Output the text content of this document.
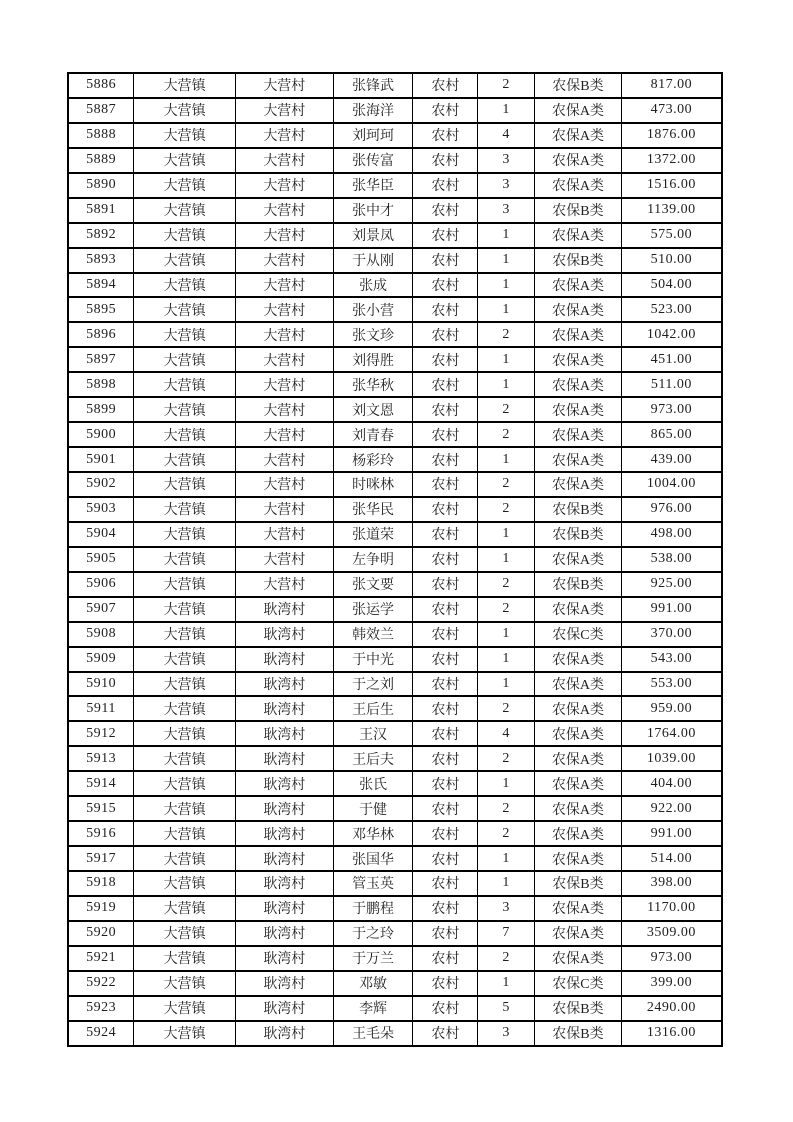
5886	大营镇	大营村	张锋武	农村	2	农保B类	817.00
5887	大营镇	大营村	张海洋	农村	1	农保A类	473.00
5888	大营镇	大营村	刘珂珂	农村	4	农保A类	1876.00
5889	大营镇	大营村	张传富	农村	3	农保A类	1372.00
5890	大营镇	大营村	张华臣	农村	3	农保A类	1516.00
5891	大营镇	大营村	张中才	农村	3	农保B类	1139.00
5892	大营镇	大营村	刘景凤	农村	1	农保A类	575.00
5893	大营镇	大营村	于从刚	农村	1	农保B类	510.00
5894	大营镇	大营村	张成	农村	1	农保A类	504.00
5895	大营镇	大营村	张小营	农村	1	农保A类	523.00
5896	大营镇	大营村	张文珍	农村	2	农保A类	1042.00
5897	大营镇	大营村	刘得胜	农村	1	农保A类	451.00
5898	大营镇	大营村	张华秋	农村	1	农保A类	511.00
5899	大营镇	大营村	刘文恩	农村	2	农保A类	973.00
5900	大营镇	大营村	刘青春	农村	2	农保A类	865.00
5901	大营镇	大营村	杨彩玲	农村	1	农保A类	439.00
5902	大营镇	大营村	时咪林	农村	2	农保A类	1004.00
5903	大营镇	大营村	张华民	农村	2	农保B类	976.00
5904	大营镇	大营村	张道荣	农村	1	农保B类	498.00
5905	大营镇	大营村	左争明	农村	1	农保A类	538.00
5906	大营镇	大营村	张文要	农村	2	农保B类	925.00
5907	大营镇	耿湾村	张运学	农村	2	农保A类	991.00
5908	大营镇	耿湾村	韩效兰	农村	1	农保C类	370.00
5909	大营镇	耿湾村	于中光	农村	1	农保A类	543.00
5910	大营镇	耿湾村	于之刘	农村	1	农保A类	553.00
5911	大营镇	耿湾村	王后生	农村	2	农保A类	959.00
5912	大营镇	耿湾村	王汉	农村	4	农保A类	1764.00
5913	大营镇	耿湾村	王后夫	农村	2	农保A类	1039.00
5914	大营镇	耿湾村	张氏	农村	1	农保A类	404.00
5915	大营镇	耿湾村	于健	农村	2	农保A类	922.00
5916	大营镇	耿湾村	邓华林	农村	2	农保A类	991.00
5917	大营镇	耿湾村	张国华	农村	1	农保A类	514.00
5918	大营镇	耿湾村	管玉英	农村	1	农保B类	398.00
5919	大营镇	耿湾村	于鹏程	农村	3	农保A类	1170.00
5920	大营镇	耿湾村	于之玲	农村	7	农保A类	3509.00
5921	大营镇	耿湾村	于万兰	农村	2	农保A类	973.00
5922	大营镇	耿湾村	邓敏	农村	1	农保C类	399.00
5923	大营镇	耿湾村	李辉	农村	5	农保B类	2490.00
5924	大营镇	耿湾村	王毛朵	农村	3	农保B类	1316.00
